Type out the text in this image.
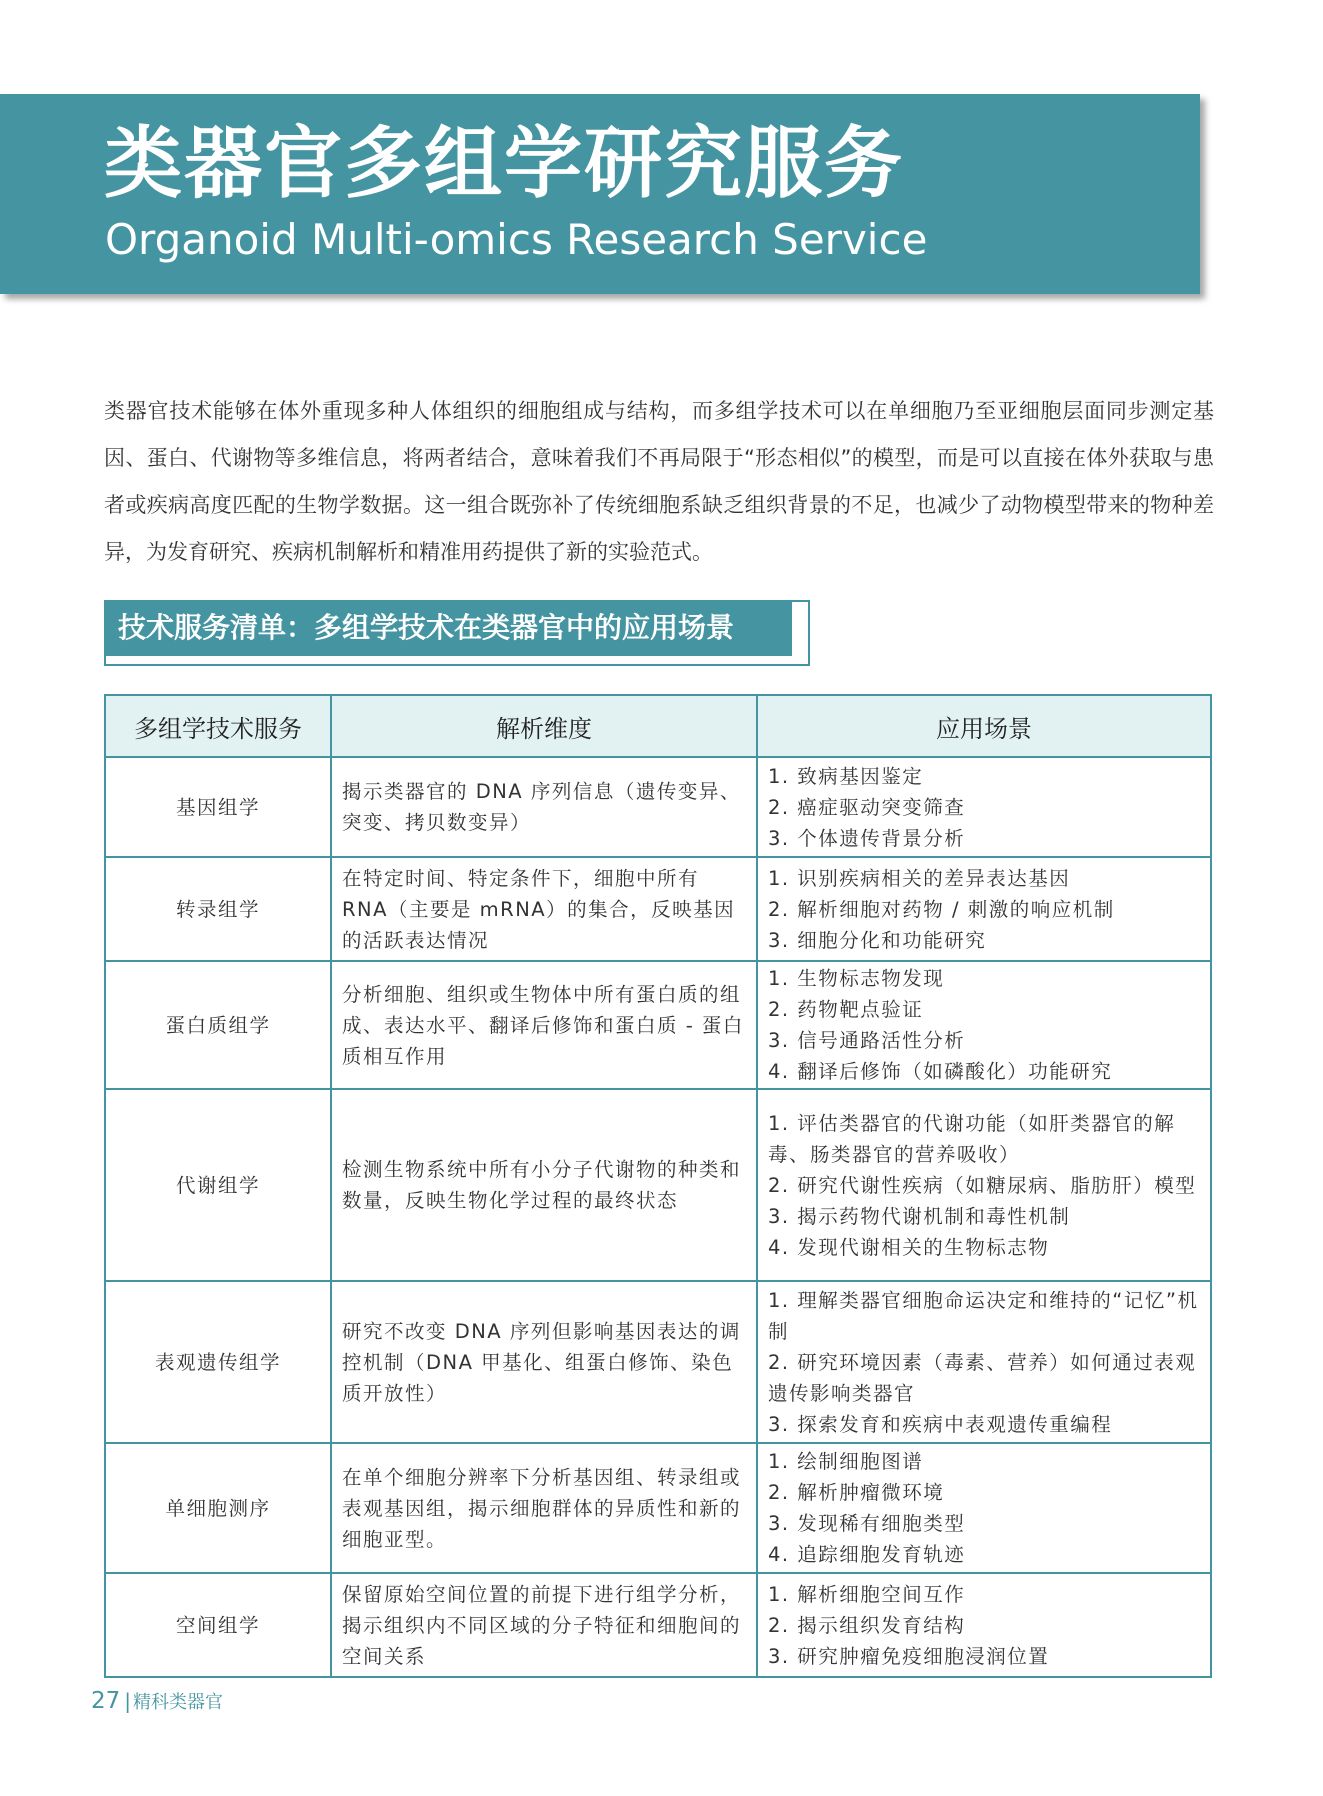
类器官多组学研究服务
Organoid Multi-omics Research Service

类器官技术能够在体外重现多种人体组织的细胞组成与结构，而多组学技术可以在单细胞乃至亚细胞层面同步测定基因、蛋白、代谢物等多维信息，将两者结合，意味着我们不再局限于“形态相似”的模型，而是可以直接在体外获取与患者或疾病高度匹配的生物学数据。这一组合既弥补了传统细胞系缺乏组织背景的不足，也减少了动物模型带来的物种差异，为发育研究、疾病机制解析和精准用药提供了新的实验范式。

技术服务清单：多组学技术在类器官中的应用场景
多组学技术服务	解析维度	应用场景
基因组学	揭示类器官的 DNA 序列信息（遗传变异、突变、拷贝数变异）	1. 致病基因鉴定
2. 癌症驱动突变筛查
3. 个体遗传背景分析

转录组学	在特定时间、特定条件下，细胞中所有 RNA（主要是 mRNA）的集合，反映基因的活跃表达情况	1. 识别疾病相关的差异表达基因
2. 解析细胞对药物 / 刺激的响应机制
3. 细胞分化和功能研究

蛋白质组学	分析细胞、组织或生物体中所有蛋白质的组成、表达水平、翻译后修饰和蛋白质 - 蛋白质相互作用	1. 生物标志物发现
2. 药物靶点验证
3. 信号通路活性分析
4. 翻译后修饰（如磷酸化）功能研究

代谢组学	检测生物系统中所有小分子代谢物的种类和数量，反映生物化学过程的最终状态	1. 评估类器官的代谢功能（如肝类器官的解毒、肠类器官的营养吸收）
2. 研究代谢性疾病（如糖尿病、脂肪肝）模型
3. 揭示药物代谢机制和毒性机制
4. 发现代谢相关的生物标志物

表观遗传组学	研究不改变 DNA 序列但影响基因表达的调控机制（DNA 甲基化、组蛋白修饰、染色质开放性）	1. 理解类器官细胞命运决定和维持的“记忆”机制
2. 研究环境因素（毒素、营养）如何通过表观遗传影响类器官
3. 探索发育和疾病中表观遗传重编程

单细胞测序	在单个细胞分辨率下分析基因组、转录组或表观基因组，揭示细胞群体的异质性和新的细胞亚型。	1. 绘制细胞图谱
2. 解析肿瘤微环境
3. 发现稀有细胞类型
4. 追踪细胞发育轨迹

空间组学	保留原始空间位置的前提下进行组学分析，揭示组织内不同区域的分子特征和细胞间的空间关系	1. 解析细胞空间互作
2. 揭示组织发育结构
3. 研究肿瘤免疫细胞浸润位置
27 | 精科类器官
